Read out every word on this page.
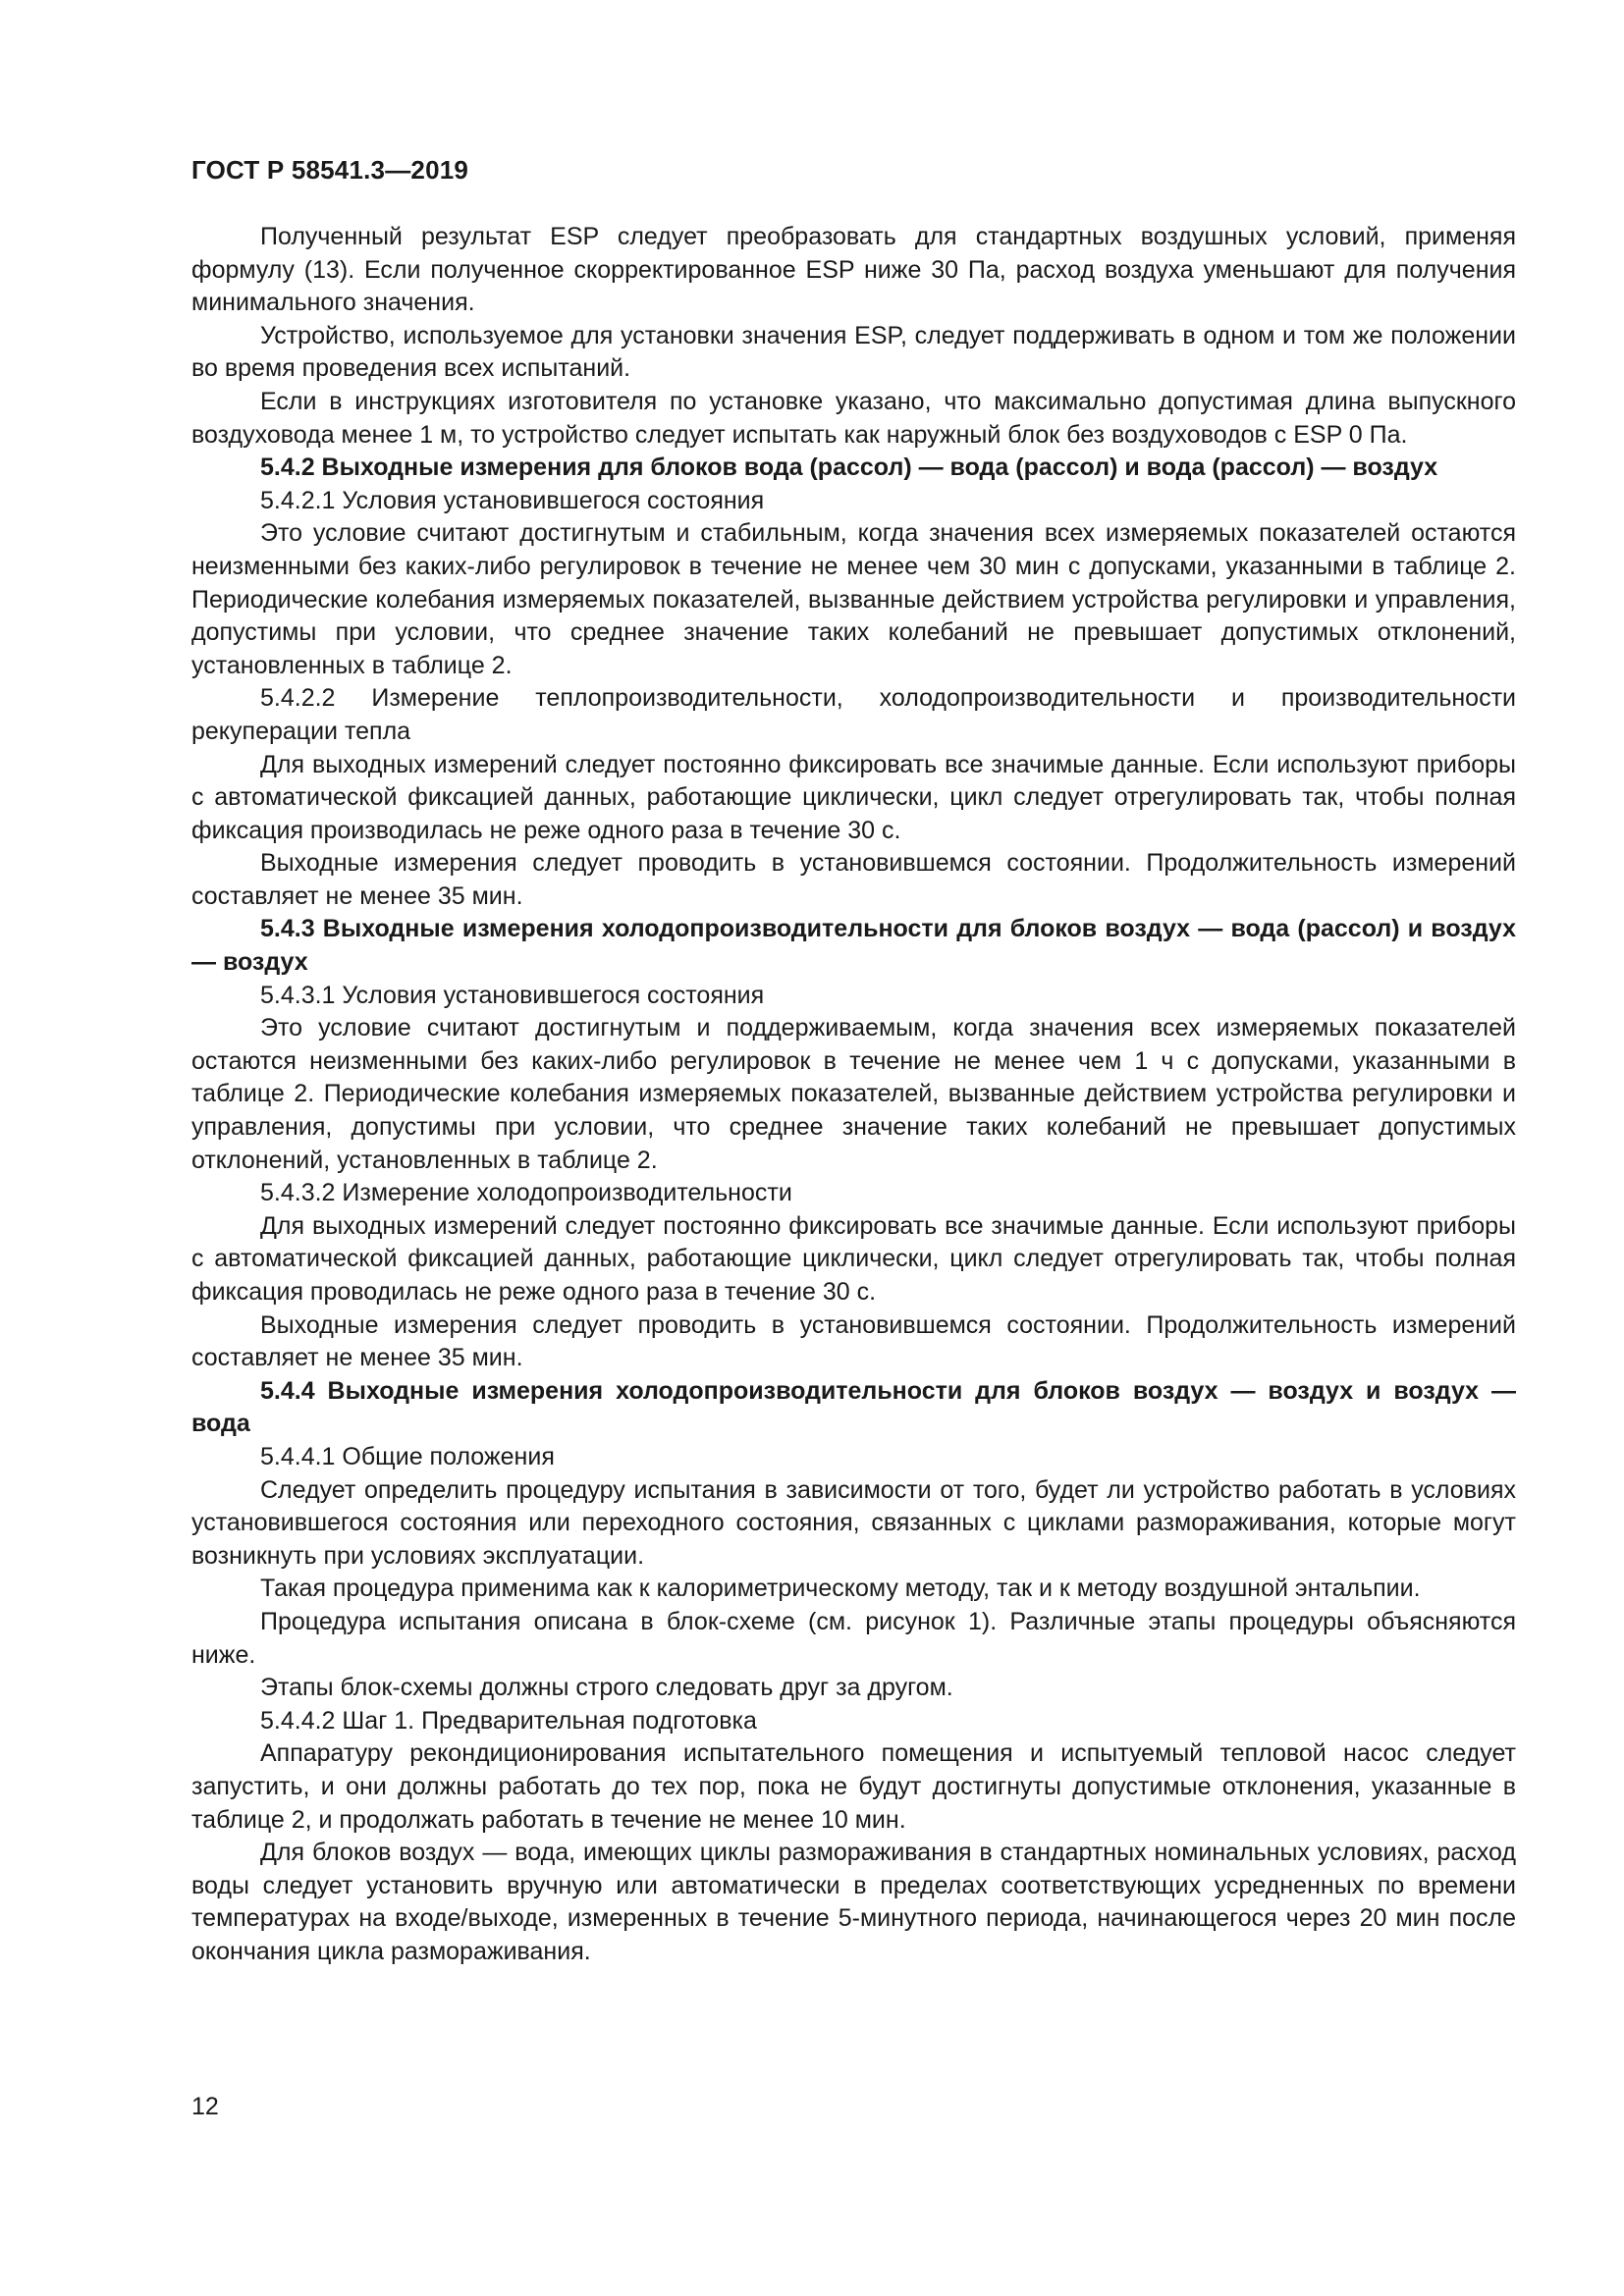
ГОСТ Р 58541.3—2019

Полученный результат ESP следует преобразовать для стандартных воздушных условий, применяя формулу (13). Если полученное скорректированное ESP ниже 30 Па, расход воздуха уменьшают для получения минимального значения.

Устройство, используемое для установки значения ESP, следует поддерживать в одном и том же положении во время проведения всех испытаний.

Если в инструкциях изготовителя по установке указано, что максимально допустимая длина выпускного воздуховода менее 1 м, то устройство следует испытать как наружный блок без воздуховодов с ESP 0 Па.

5.4.2 Выходные измерения для блоков вода (рассол) — вода (рассол) и вода (рассол) — воздух

5.4.2.1 Условия установившегося состояния

Это условие считают достигнутым и стабильным, когда значения всех измеряемых показателей остаются неизменными без каких-либо регулировок в течение не менее чем 30 мин с допусками, указанными в таблице 2. Периодические колебания измеряемых показателей, вызванные действием устройства регулировки и управления, допустимы при условии, что среднее значение таких колебаний не превышает допустимых отклонений, установленных в таблице 2.

5.4.2.2 Измерение теплопроизводительности, холодопроизводительности и производительности рекуперации тепла

Для выходных измерений следует постоянно фиксировать все значимые данные. Если используют приборы с автоматической фиксацией данных, работающие циклически, цикл следует отрегулировать так, чтобы полная фиксация производилась не реже одного раза в течение 30 с.

Выходные измерения следует проводить в установившемся состоянии. Продолжительность измерений составляет не менее 35 мин.

5.4.3 Выходные измерения холодопроизводительности для блоков воздух — вода (рассол) и воздух — воздух

5.4.3.1 Условия установившегося состояния

Это условие считают достигнутым и поддерживаемым, когда значения всех измеряемых показателей остаются неизменными без каких-либо регулировок в течение не менее чем 1 ч с допусками, указанными в таблице 2. Периодические колебания измеряемых показателей, вызванные действием устройства регулировки и управления, допустимы при условии, что среднее значение таких колебаний не превышает допустимых отклонений, установленных в таблице 2.

5.4.3.2 Измерение холодопроизводительности

Для выходных измерений следует постоянно фиксировать все значимые данные. Если используют приборы с автоматической фиксацией данных, работающие циклически, цикл следует отрегулировать так, чтобы полная фиксация проводилась не реже одного раза в течение 30 с.

Выходные измерения следует проводить в установившемся состоянии. Продолжительность измерений составляет не менее 35 мин.

5.4.4 Выходные измерения холодопроизводительности для блоков воздух — воздух и воздух — вода

5.4.4.1 Общие положения

Следует определить процедуру испытания в зависимости от того, будет ли устройство работать в условиях установившегося состояния или переходного состояния, связанных с циклами размораживания, которые могут возникнуть при условиях эксплуатации.

Такая процедура применима как к калориметрическому методу, так и к методу воздушной энтальпии.

Процедура испытания описана в блок-схеме (см. рисунок 1). Различные этапы процедуры объясняются ниже.

Этапы блок-схемы должны строго следовать друг за другом.

5.4.4.2 Шаг 1. Предварительная подготовка

Аппаратуру рекондиционирования испытательного помещения и испытуемый тепловой насос следует запустить, и они должны работать до тех пор, пока не будут достигнуты допустимые отклонения, указанные в таблице 2, и продолжать работать в течение не менее 10 мин.

Для блоков воздух — вода, имеющих циклы размораживания в стандартных номинальных условиях, расход воды следует установить вручную или автоматически в пределах соответствующих усредненных по времени температурах на входе/выходе, измеренных в течение 5-минутного периода, начинающегося через 20 мин после окончания цикла размораживания.

12
